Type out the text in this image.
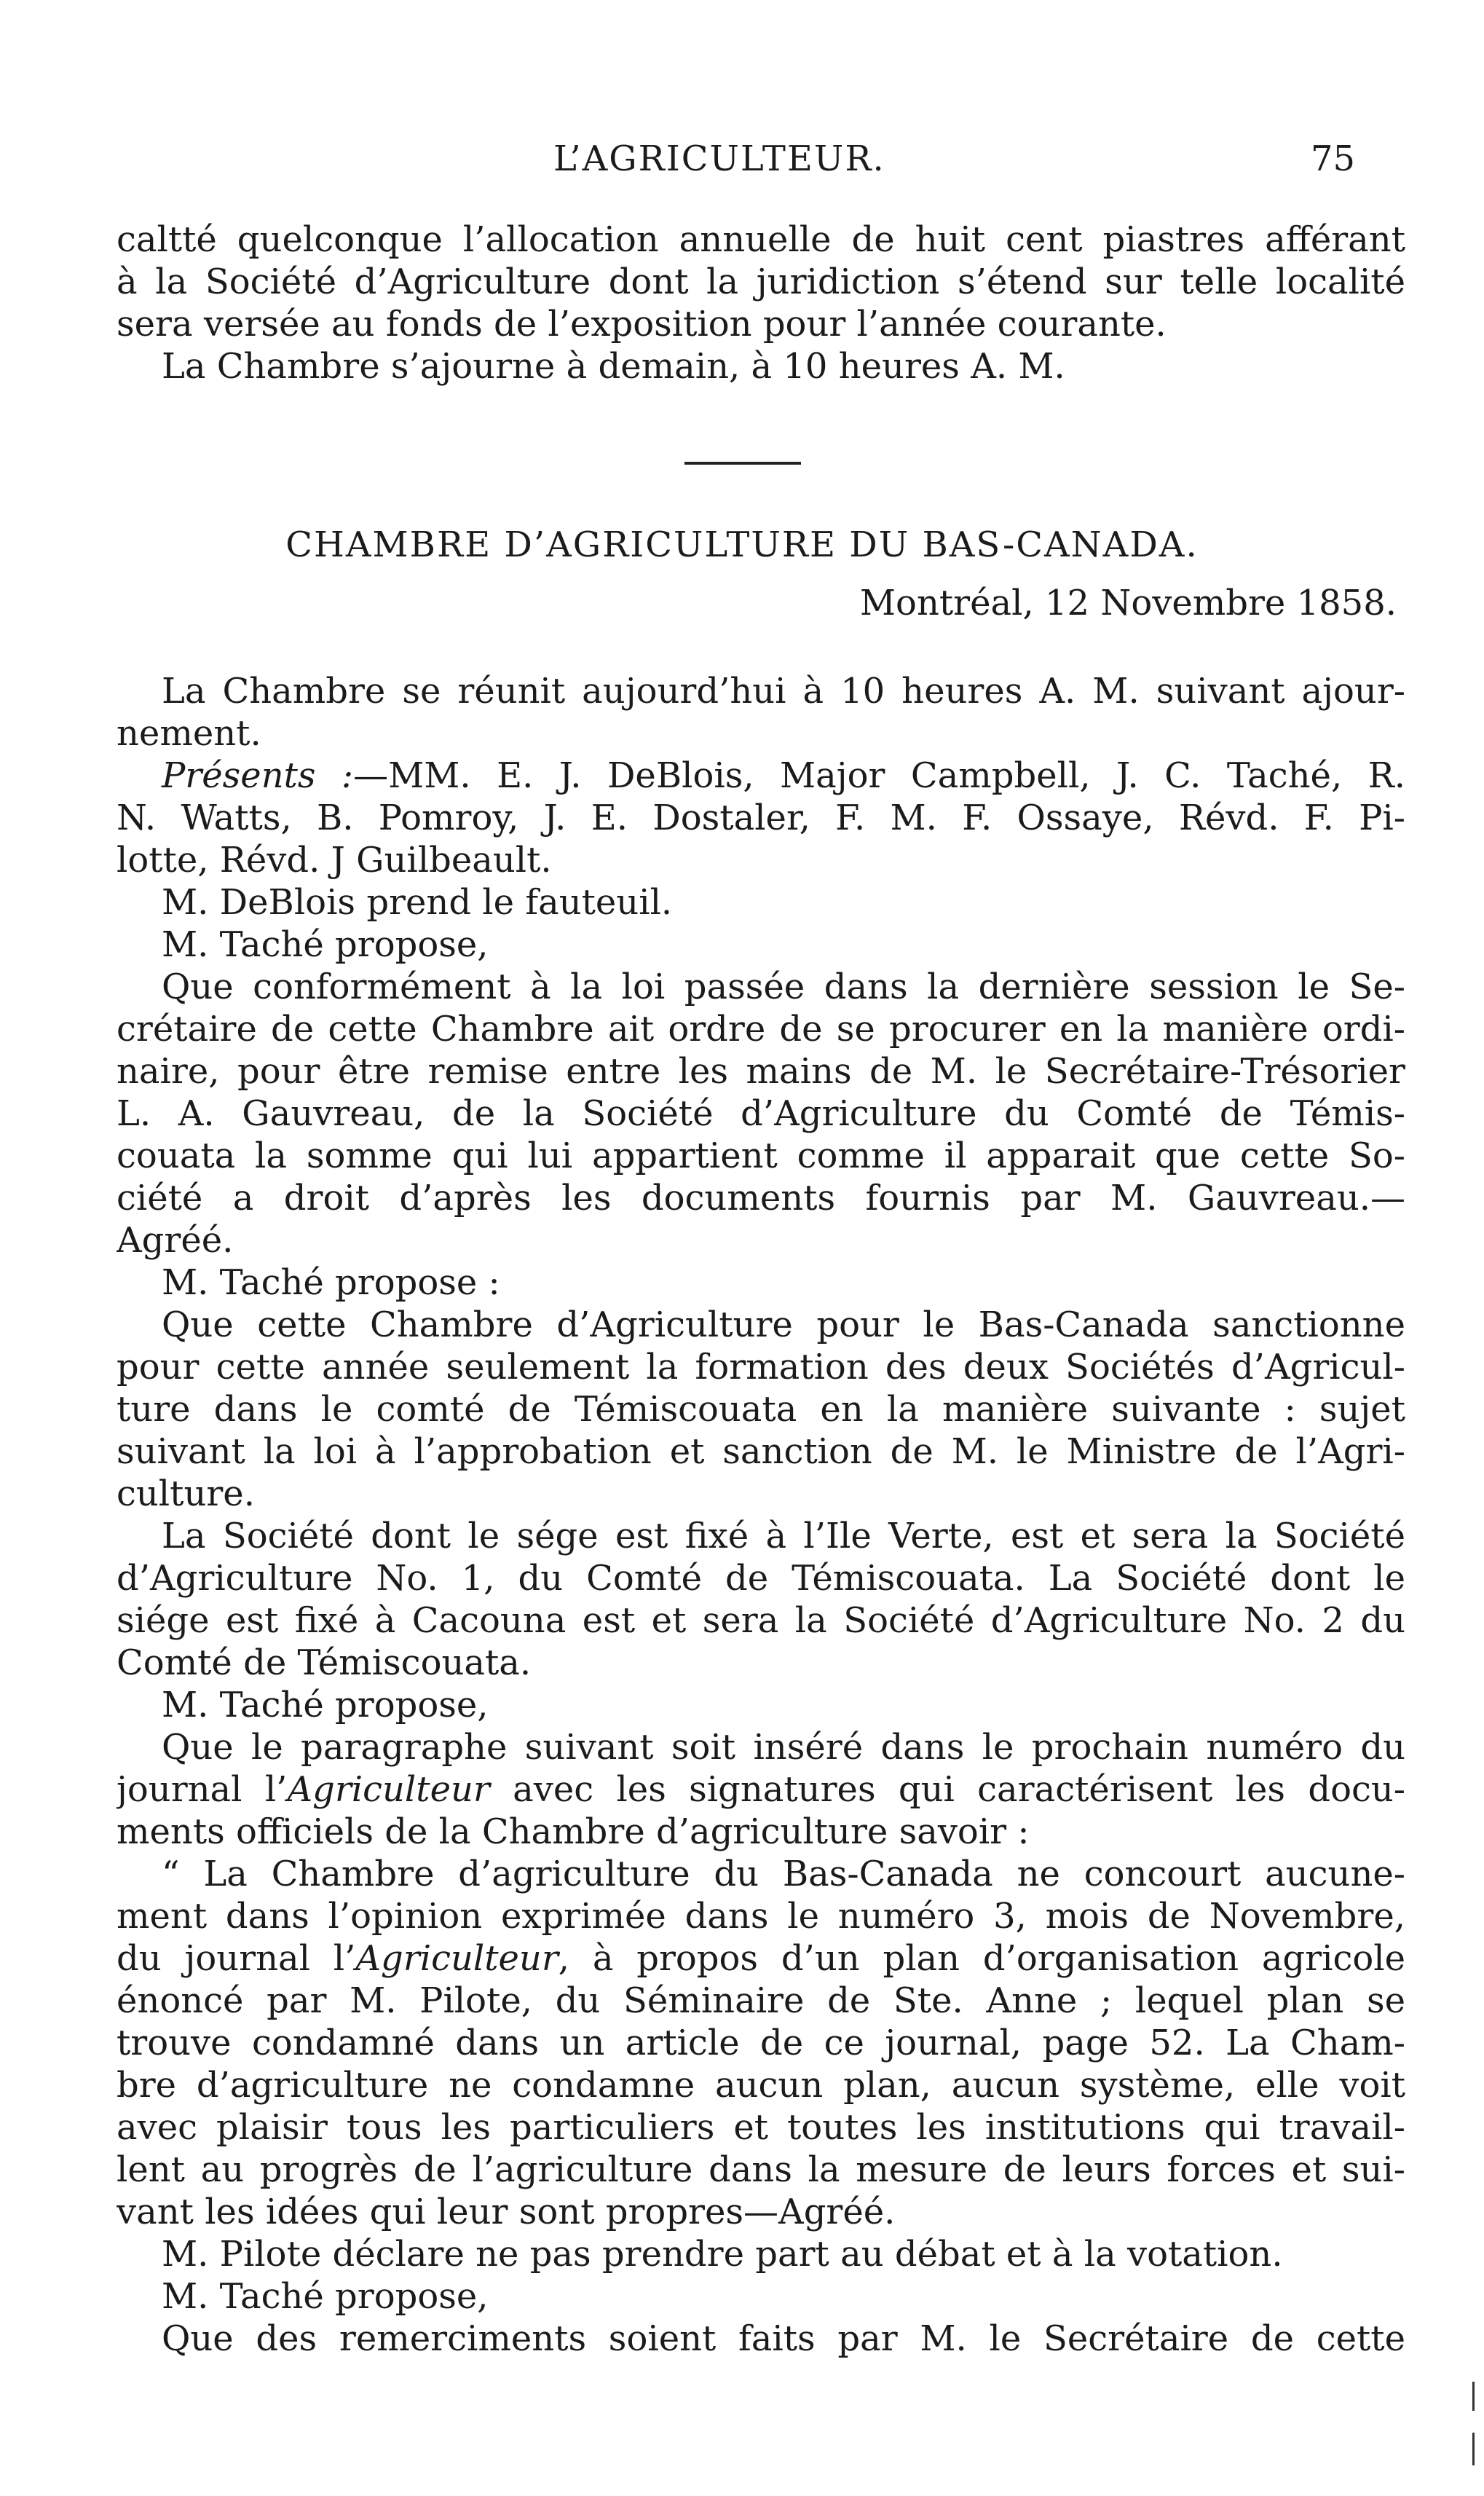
L’AGRICULTEUR.	75
caltté quelconque l’allocation annuelle de huit cent piastres afférant
à la Société d’Agriculture dont la juridiction s’étend sur telle localité
sera versée au fonds de l’exposition pour l’année courante.
La Chambre s’ajourne à demain, à 10 heures A. M.
CHAMBRE D’AGRICULTURE DU BAS-CANADA.
Montréal, 12 Novembre 1858.
La Chambre se réunit aujourd’hui à 10 heures A. M. suivant ajour-
nement.
Présents :—MM. E. J. DeBlois, Major Campbell, J. C. Taché, R.
N. Watts, B. Pomroy, J. E. Dostaler, F. M. F. Ossaye, Révd. F. Pi-
lotte, Révd. J Guilbeault.
M. DeBlois prend le fauteuil.
M. Taché propose,
Que conformément à la loi passée dans la dernière session le Se-
crétaire de cette Chambre ait ordre de se procurer en la manière ordi-
naire, pour être remise entre les mains de M. le Secrétaire-Trésorier
L. A. Gauvreau, de la Société d’Agriculture du Comté de Témis-
couata la somme qui lui appartient comme il apparait que cette So-
ciété a droit d’après les documents fournis par M. Gauvreau.—
Agréé.
M. Taché propose :
Que cette Chambre d’Agriculture pour le Bas-Canada sanctionne
pour cette année seulement la formation des deux Sociétés d’Agricul-
ture dans le comté de Témiscouata en la manière suivante : sujet
suivant la loi à l’approbation et sanction de M. le Ministre de l’Agri-
culture.
La Société dont le sége est fixé à l’Ile Verte, est et sera la Société
d’Agriculture No. 1, du Comté de Témiscouata. La Société dont le
siége est fixé à Cacouna est et sera la Société d’Agriculture No. 2 du
Comté de Témiscouata.
M. Taché propose,
Que le paragraphe suivant soit inséré dans le prochain numéro du
journal l’Agriculteur avec les signatures qui caractérisent les docu-
ments officiels de la Chambre d’agriculture savoir :
“ La Chambre d’agriculture du Bas-Canada ne concourt aucune-
ment dans l’opinion exprimée dans le numéro 3, mois de Novembre,
du journal l’Agriculteur, à propos d’un plan d’organisation agricole
énoncé par M. Pilote, du Séminaire de Ste. Anne ; lequel plan se
trouve condamné dans un article de ce journal, page 52. La Cham-
bre d’agriculture ne condamne aucun plan, aucun système, elle voit
avec plaisir tous les particuliers et toutes les institutions qui travail-
lent au progrès de l’agriculture dans la mesure de leurs forces et sui-
vant les idées qui leur sont propres—Agréé.
M. Pilote déclare ne pas prendre part au débat et à la votation.
M. Taché propose,
Que des remerciments soient faits par M. le Secrétaire de cette
